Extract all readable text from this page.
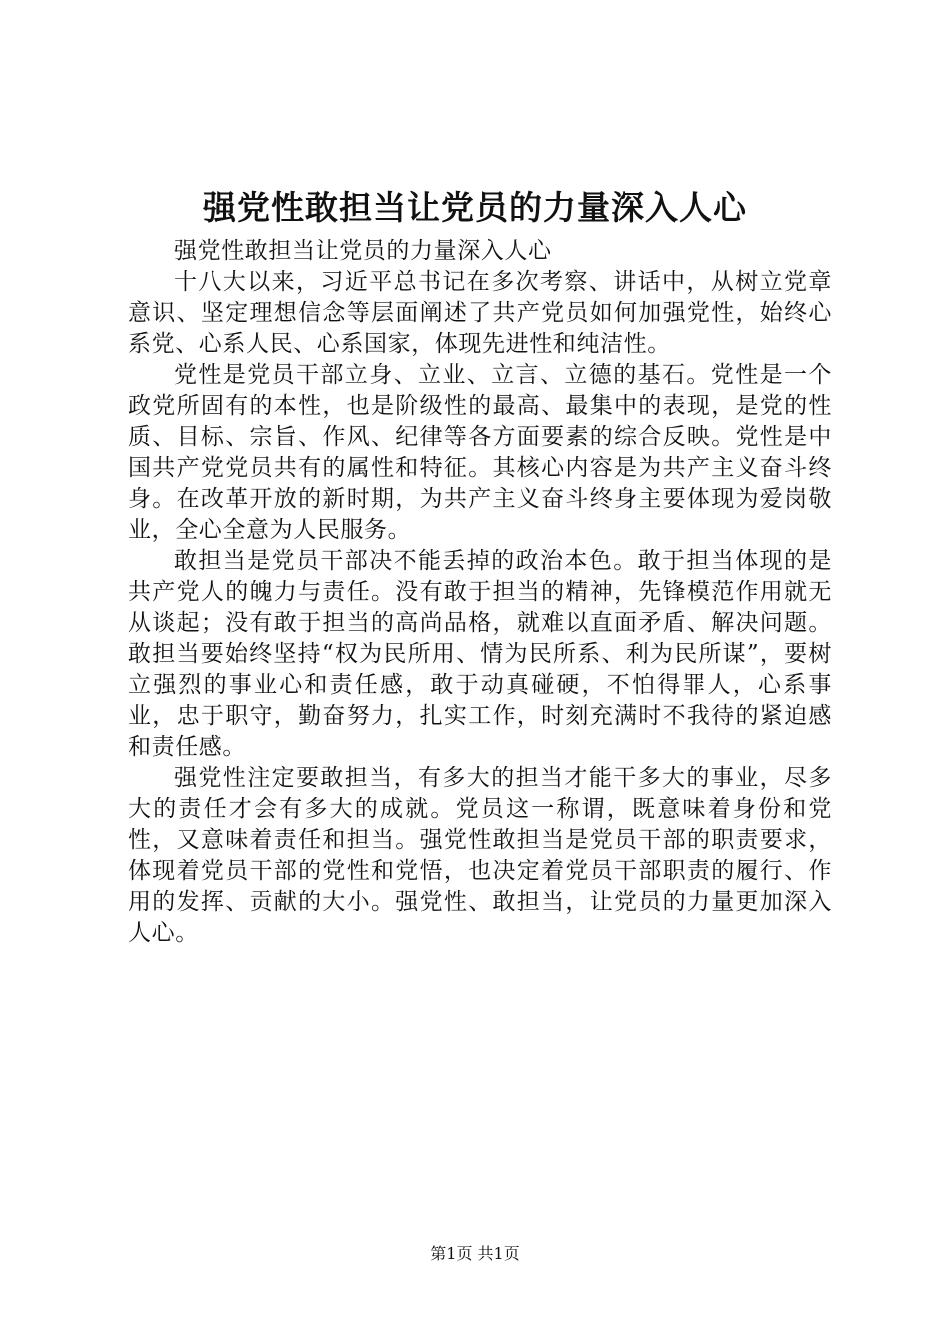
强党性敢担当让党员的力量深入人心

强党性敢担当让党员的力量深入人心

十八大以来，习近平总书记在多次考察、讲话中，从树立党章意识、坚定理想信念等层面阐述了共产党员如何加强党性，始终心系党、心系人民、心系国家，体现先进性和纯洁性。

党性是党员干部立身、立业、立言、立德的基石。党性是一个政党所固有的本性，也是阶级性的最高、最集中的表现，是党的性质、目标、宗旨、作风、纪律等各方面要素的综合反映。党性是中国共产党党员共有的属性和特征。其核心内容是为共产主义奋斗终身。在改革开放的新时期，为共产主义奋斗终身主要体现为爱岗敬业，全心全意为人民服务。

敢担当是党员干部决不能丢掉的政治本色。敢于担当体现的是共产党人的魄力与责任。没有敢于担当的精神，先锋模范作用就无从谈起；没有敢于担当的高尚品格，就难以直面矛盾、解决问题。敢担当要始终坚持“权为民所用、情为民所系、利为民所谋”，要树立强烈的事业心和责任感，敢于动真碰硬，不怕得罪人，心系事业，忠于职守，勤奋努力，扎实工作，时刻充满时不我待的紧迫感和责任感。

强党性注定要敢担当，有多大的担当才能干多大的事业，尽多大的责任才会有多大的成就。党员这一称谓，既意味着身份和党性，又意味着责任和担当。强党性敢担当是党员干部的职责要求，体现着党员干部的党性和党悟，也决定着党员干部职责的履行、作用的发挥、贡献的大小。强党性、敢担当，让党员的力量更加深入人心。

第1页 共1页
